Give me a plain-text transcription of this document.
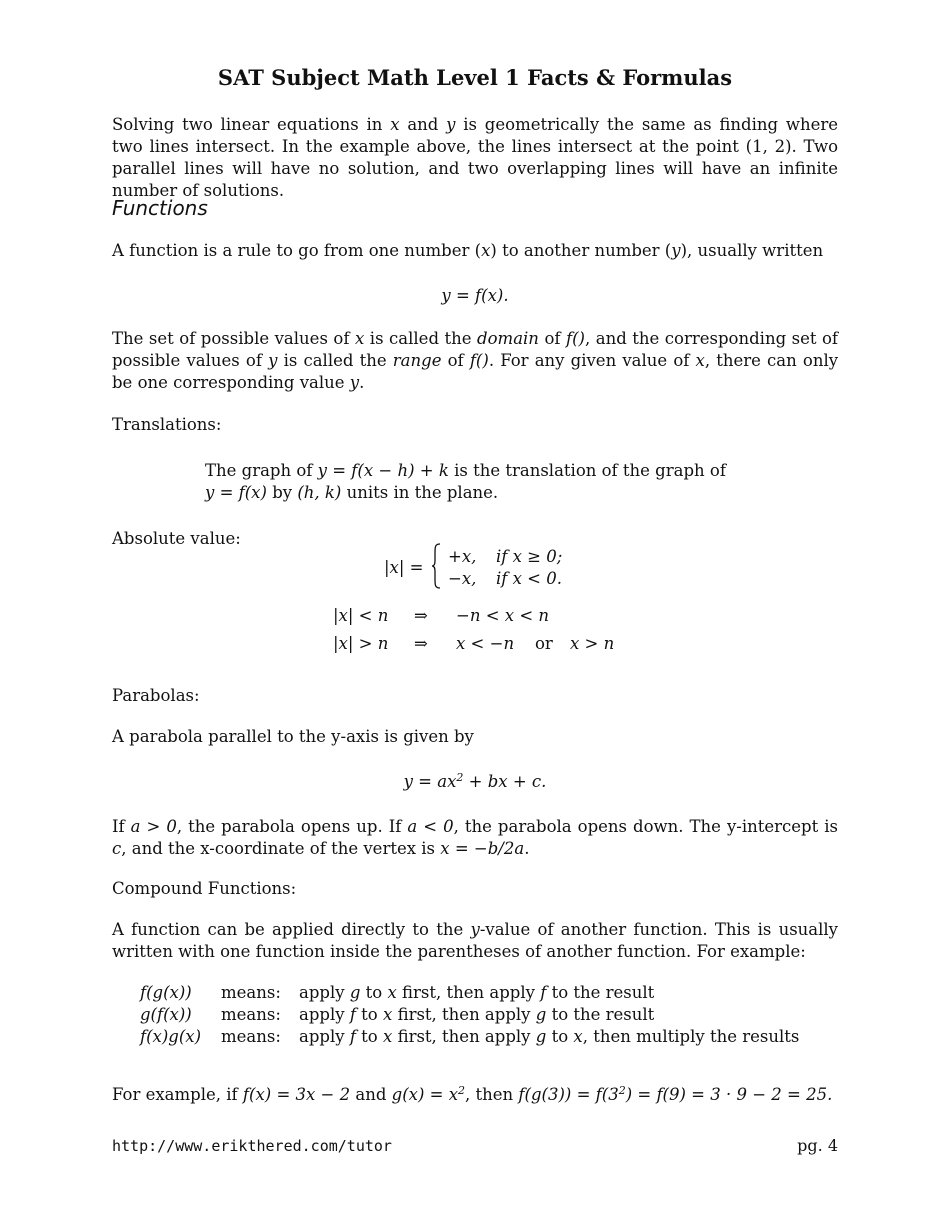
SAT Subject Math Level 1 Facts & Formulas
Solving two linear equations in x and y is geometrically the same as finding where two lines intersect. In the example above, the lines intersect at the point (1, 2). Two parallel lines will have no solution, and two overlapping lines will have an infinite number of solutions.
Functions
A function is a rule to go from one number (x) to another number (y), usually written
y = f(x).
The set of possible values of x is called the domain of f(), and the corresponding set of possible values of y is called the range of f(). For any given value of x, there can only be one corresponding value y.
Translations:
The graph of y = f(x − h) + k is the translation of the graph of
y = f(x) by (h, k) units in the plane.
Absolute value:
|x| =
+x, if x ≥ 0;
−x, if x < 0.
|x| < n ⇒ −n < x < n
|x| > n ⇒ x < −n or x > n
Parabolas:
A parabola parallel to the y-axis is given by
$y = ax^2$ + bx + c.
If a > 0, the parabola opens up. If a < 0, the parabola opens down. The y-intercept is c, and the x-coordinate of the vertex is x = −b/2a.
Compound Functions:
A function can be applied directly to the y-value of another function. This is usually written with one function inside the parentheses of another function. For example:
f(g(x)) means: apply g to x first, then apply f to the result
g(f(x)) means: apply f to x first, then apply g to the result
f(x)g(x) means: apply f to x first, then apply g to x, then multiply the results
For example, if f(x) = 3x − 2 and $g(x) = x^2$, then $f(g(3)) = f(3^2) = f(9) = 3 \cdot 9 - 2 = 25$.
http://www.erikthered.com/tutor	pg. 4
